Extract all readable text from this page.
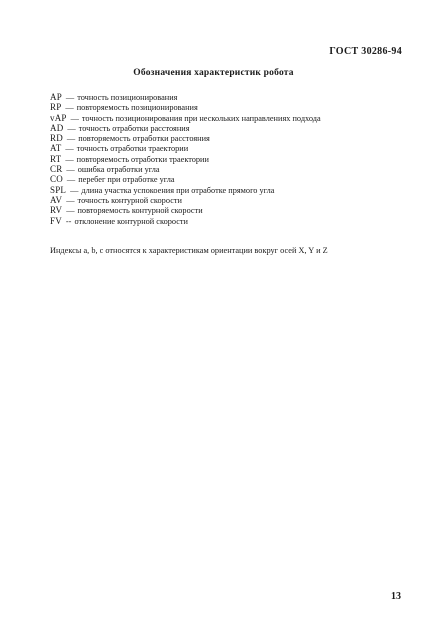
ГОСТ 30286-94
Обозначения характеристик робота
AP — точность позиционирования
RP — повторяемость позиционирования
vAP — точность позиционирования при нескольких направлениях подхода
AD — точность отработки расстояния
RD — повторяемость отработки расстояния
AT — точность отработки траектории
RT — повторяемость отработки траектории
CR — ошибка отработки угла
CO — перебег при отработке угла
SPL — длина участка успокоения при отработке прямого угла
AV — точность контурной скорости
RV — повторяемость контурной скорости
FV -- отклонение контурной скорости
Индексы a, b, c относятся к характеристикам ориентации вокруг осей X, Y и Z
13
